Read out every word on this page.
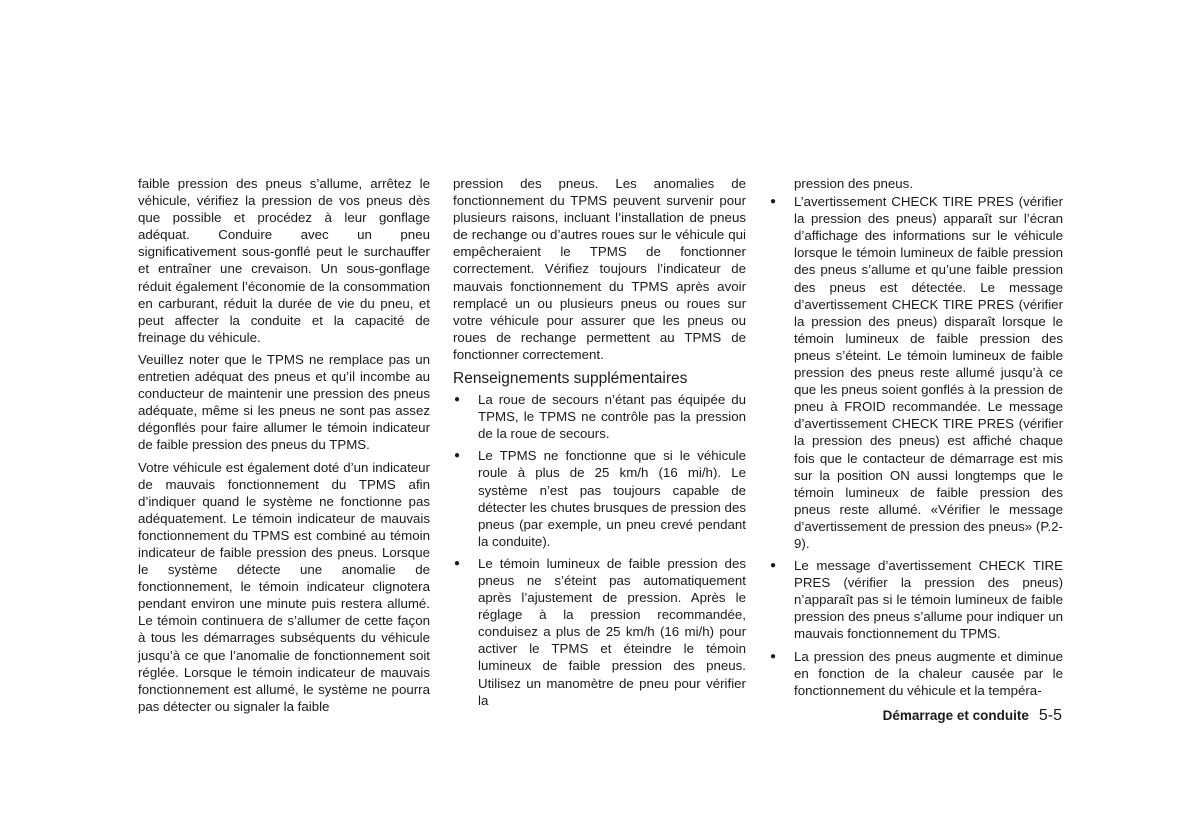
faible pression des pneus s’allume, arrêtez le véhicule, vérifiez la pression de vos pneus dès que possible et procédez à leur gonflage adéquat. Conduire avec un pneu significativement sous-gonflé peut le surchauffer et entraîner une crevaison. Un sous-gonflage réduit également l’économie de la consommation en carburant, réduit la durée de vie du pneu, et peut affecter la conduite et la capacité de freinage du véhicule.

Veuillez noter que le TPMS ne remplace pas un entretien adéquat des pneus et qu’il incombe au conducteur de maintenir une pression des pneus adéquate, même si les pneus ne sont pas assez dégonflés pour faire allumer le témoin indicateur de faible pression des pneus du TPMS.

Votre véhicule est également doté d’un indicateur de mauvais fonctionnement du TPMS afin d’indiquer quand le système ne fonctionne pas adéquatement. Le témoin indicateur de mauvais fonctionnement du TPMS est combiné au témoin indicateur de faible pression des pneus. Lorsque le système détecte une anomalie de fonctionnement, le témoin indicateur clignotera pendant environ une minute puis restera allumé. Le témoin continuera de s’allumer de cette façon à tous les démarrages subséquents du véhicule jusqu’à ce que l’anomalie de fonctionnement soit réglée. Lorsque le témoin indicateur de mauvais fonctionnement est allumé, le système ne pourra pas détecter ou signaler la faible

pression des pneus. Les anomalies de fonctionnement du TPMS peuvent survenir pour plusieurs raisons, incluant l’installation de pneus de rechange ou d’autres roues sur le véhicule qui empêcheraient le TPMS de fonctionner correctement. Vérifiez toujours l’indicateur de mauvais fonctionnement du TPMS après avoir remplacé un ou plusieurs pneus ou roues sur votre véhicule pour assurer que les pneus ou roues de rechange permettent au TPMS de fonctionner correctement.

Renseignements supplémentaires
● La roue de secours n’étant pas équipée du TPMS, le TPMS ne contrôle pas la pression de la roue de secours.
● Le TPMS ne fonctionne que si le véhicule roule à plus de 25 km/h (16 mi/h). Le système n’est pas toujours capable de détecter les chutes brusques de pression des pneus (par exemple, un pneu crevé pendant la conduite).
● Le témoin lumineux de faible pression des pneus ne s’éteint pas automatiquement après l’ajustement de pression. Après le réglage à la pression recommandée, conduisez a plus de 25 km/h (16 mi/h) pour activer le TPMS et éteindre le témoin lumineux de faible pression des pneus. Utilisez un manomètre de pneu pour vérifier la
pression des pneus.
● L’avertissement CHECK TIRE PRES (vérifier la pression des pneus) apparaît sur l’écran d’affichage des informations sur le véhicule lorsque le témoin lumineux de faible pression des pneus s’allume et qu’une faible pression des pneus est détectée. Le message d’avertissement CHECK TIRE PRES (vérifier la pression des pneus) disparaît lorsque le témoin lumineux de faible pression des pneus s’éteint. Le témoin lumineux de faible pression des pneus reste allumé jusqu’à ce que les pneus soient gonflés à la pression de pneu à FROID recommandée. Le message d’avertissement CHECK TIRE PRES (vérifier la pression des pneus) est affiché chaque fois que le contacteur de démarrage est mis sur la position ON aussi longtemps que le témoin lumineux de faible pression des pneus reste allumé. «Vérifier le message d’avertissement de pression des pneus» (P.2-9).
● Le message d’avertissement CHECK TIRE PRES (vérifier la pression des pneus) n’apparaît pas si le témoin lumineux de faible pression des pneus s’allume pour indiquer un mauvais fonctionnement du TPMS.
● La pression des pneus augmente et diminue en fonction de la chaleur causée par le fonctionnement du véhicule et la tempéra-
Démarrage et conduite 5-5
